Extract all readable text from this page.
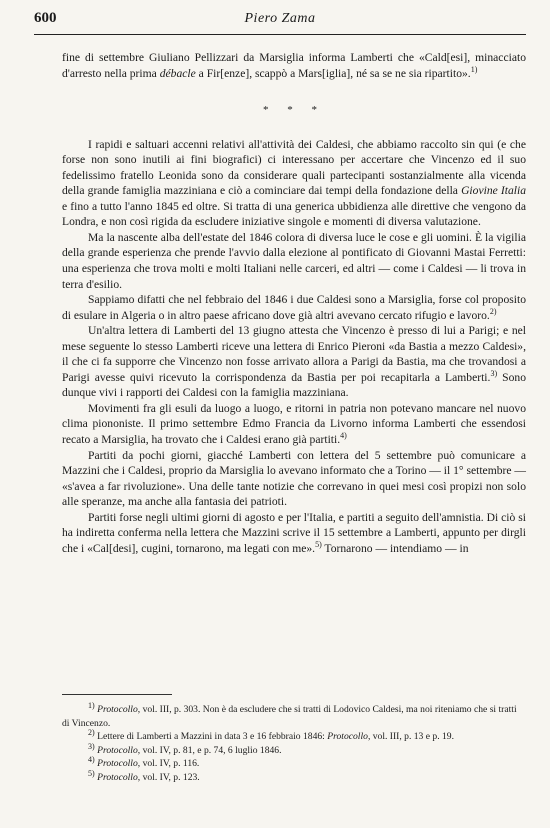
600	Piero Zama

fine di settembre Giuliano Pellizzari da Marsiglia informa Lamberti che «Cald[esi], minacciato d'arresto nella prima débacle a Fir[enze], scappò a Mars[iglia], né sa se ne sia ripartito».$^{1)}$

* * *

I rapidi e saltuari accenni relativi all'attività dei Caldesi, che abbiamo raccolto sin qui (e che forse non sono inutili ai fini biografici) ci interessano per accertare che Vincenzo ed il suo fedelissimo fratello Leonida sono da considerare quali partecipanti sostanzialmente alla vicenda della grande famiglia mazziniana e ciò a cominciare dai tempi della fondazione della Giovine Italia e fino a tutto l'anno 1845 ed oltre. Si tratta di una generica ubbidienza alle direttive che vengono da Londra, e non così rigida da escludere iniziative singole e momenti di diversa valutazione.

Ma la nascente alba dell'estate del 1846 colora di diversa luce le cose e gli uomini. È la vigilia della grande esperienza che prende l'avvio dalla elezione al pontificato di Giovanni Mastai Ferretti: una esperienza che trova molti e molti Italiani nelle carceri, ed altri — come i Caldesi — li trova in terra d'esilio.

Sappiamo difatti che nel febbraio del 1846 i due Caldesi sono a Marsiglia, forse col proposito di esulare in Algeria o in altro paese africano dove già altri avevano cercato rifugio e lavoro.$^{2)}$

Un'altra lettera di Lamberti del 13 giugno attesta che Vincenzo è presso di lui a Parigi; e nel mese seguente lo stesso Lamberti riceve una lettera di Enrico Pieroni «da Bastia a mezzo Caldesi», il che ci fa supporre che Vincenzo non fosse arrivato allora a Parigi da Bastia, ma che trovandosi a Parigi avesse quivi ricevuto la corrispondenza da Bastia per poi recapitarla a Lamberti.$^{3)}$ Sono dunque vivi i rapporti dei Caldesi con la famiglia mazziniana.

Movimenti fra gli esuli da luogo a luogo, e ritorni in patria non potevano mancare nel nuovo clima piononiste. Il primo settembre Edmo Francia da Livorno informa Lamberti che essendosi recato a Marsiglia, ha trovato che i Caldesi erano già partiti.$^{4)}$

Partiti da pochi giorni, giacché Lamberti con lettera del 5 settembre può comunicare a Mazzini che i Caldesi, proprio da Marsiglia lo avevano informato che a Torino — il 1° settembre — «s'avea a far rivoluzione». Una delle tante notizie che correvano in quei mesi così propizi non solo alle speranze, ma anche alla fantasia dei patrioti.

Partiti forse negli ultimi giorni di agosto e per l'Italia, e partiti a seguito dell'amnistia. Di ciò si ha indiretta conferma nella lettera che Mazzini scrive il 15 settembre a Lamberti, appunto per dirgli che i «Cal[desi], cugini, tornarono, ma legati con me».$^{5)}$ Tornarono — intendiamo — in

$^{1)}$ Protocollo, vol. III, p. 303. Non è da escludere che si tratti di Lodovico Caldesi, ma noi riteniamo che si tratti di Vincenzo.

$^{2)}$ Lettere di Lamberti a Mazzini in data 3 e 16 febbraio 1846: Protocollo, vol. III, p. 13 e p. 19.

$^{3)}$ Protocollo, vol. IV, p. 81, e p. 74, 6 luglio 1846.

$^{4)}$ Protocollo, vol. IV, p. 116.

$^{5)}$ Protocollo, vol. IV, p. 123.
